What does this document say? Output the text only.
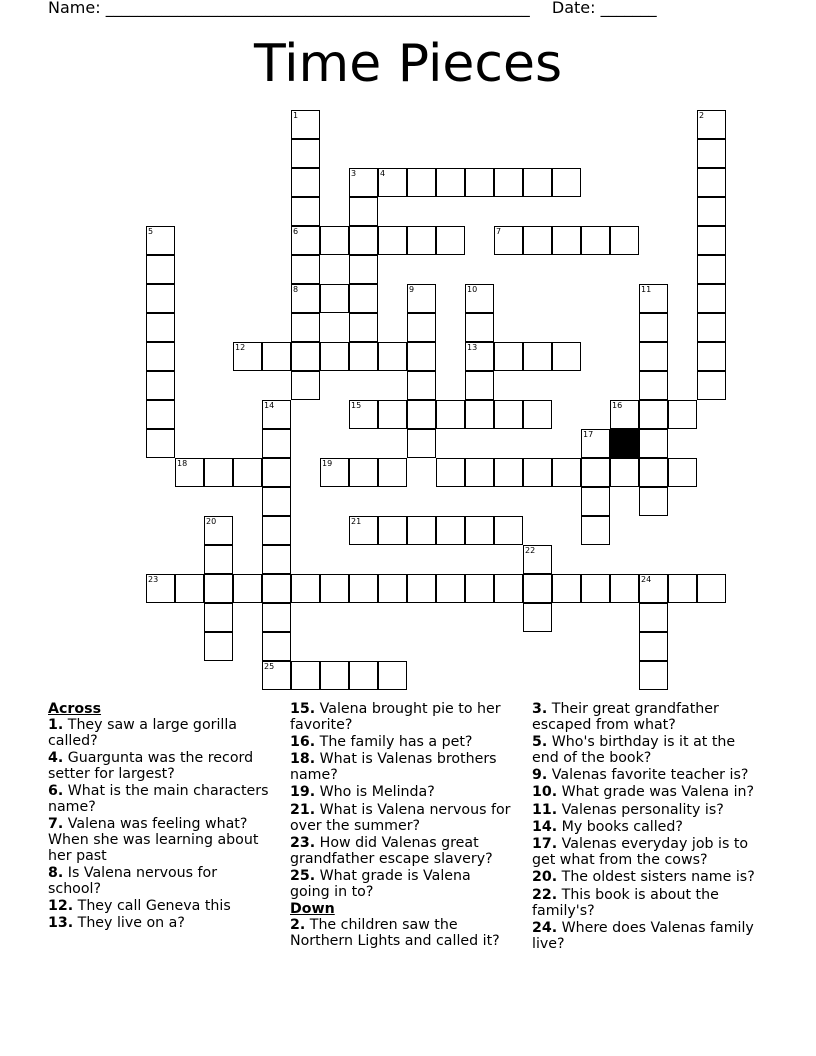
Name: _____________________________________________________ Date: _______
Time Pieces
1	2
3	4
5	6	7
8	9	10	11
12	13
18
14	15	16
17
19
20	21
22
23	24
25
Across
1. They saw a large gorilla called?
4. Guargunta was the record setter for largest?
6. What is the main characters name?
7. Valena was feeling what? When she was learning about her past
8. Is Valena nervous for school?
12. They call Geneva this
13. They live on a?
15. Valena brought pie to her favorite?
16. The family has a pet?
18. What is Valenas brothers name?
19. Who is Melinda?
21. What is Valena nervous for over the summer?
23. How did Valenas great grandfather escape slavery?
25. What grade is Valena going in to?
Down
2. The children saw the Northern Lights and called it?
3. Their great grandfather escaped from what?
5. Who's birthday is it at the end of the book?
9. Valenas favorite teacher is?
10. What grade was Valena in?
11. Valenas personality is?
14. My books called?
17. Valenas everyday job is to get what from the cows?
20. The oldest sisters name is?
22. This book is about the family's?
24. Where does Valenas family live?
